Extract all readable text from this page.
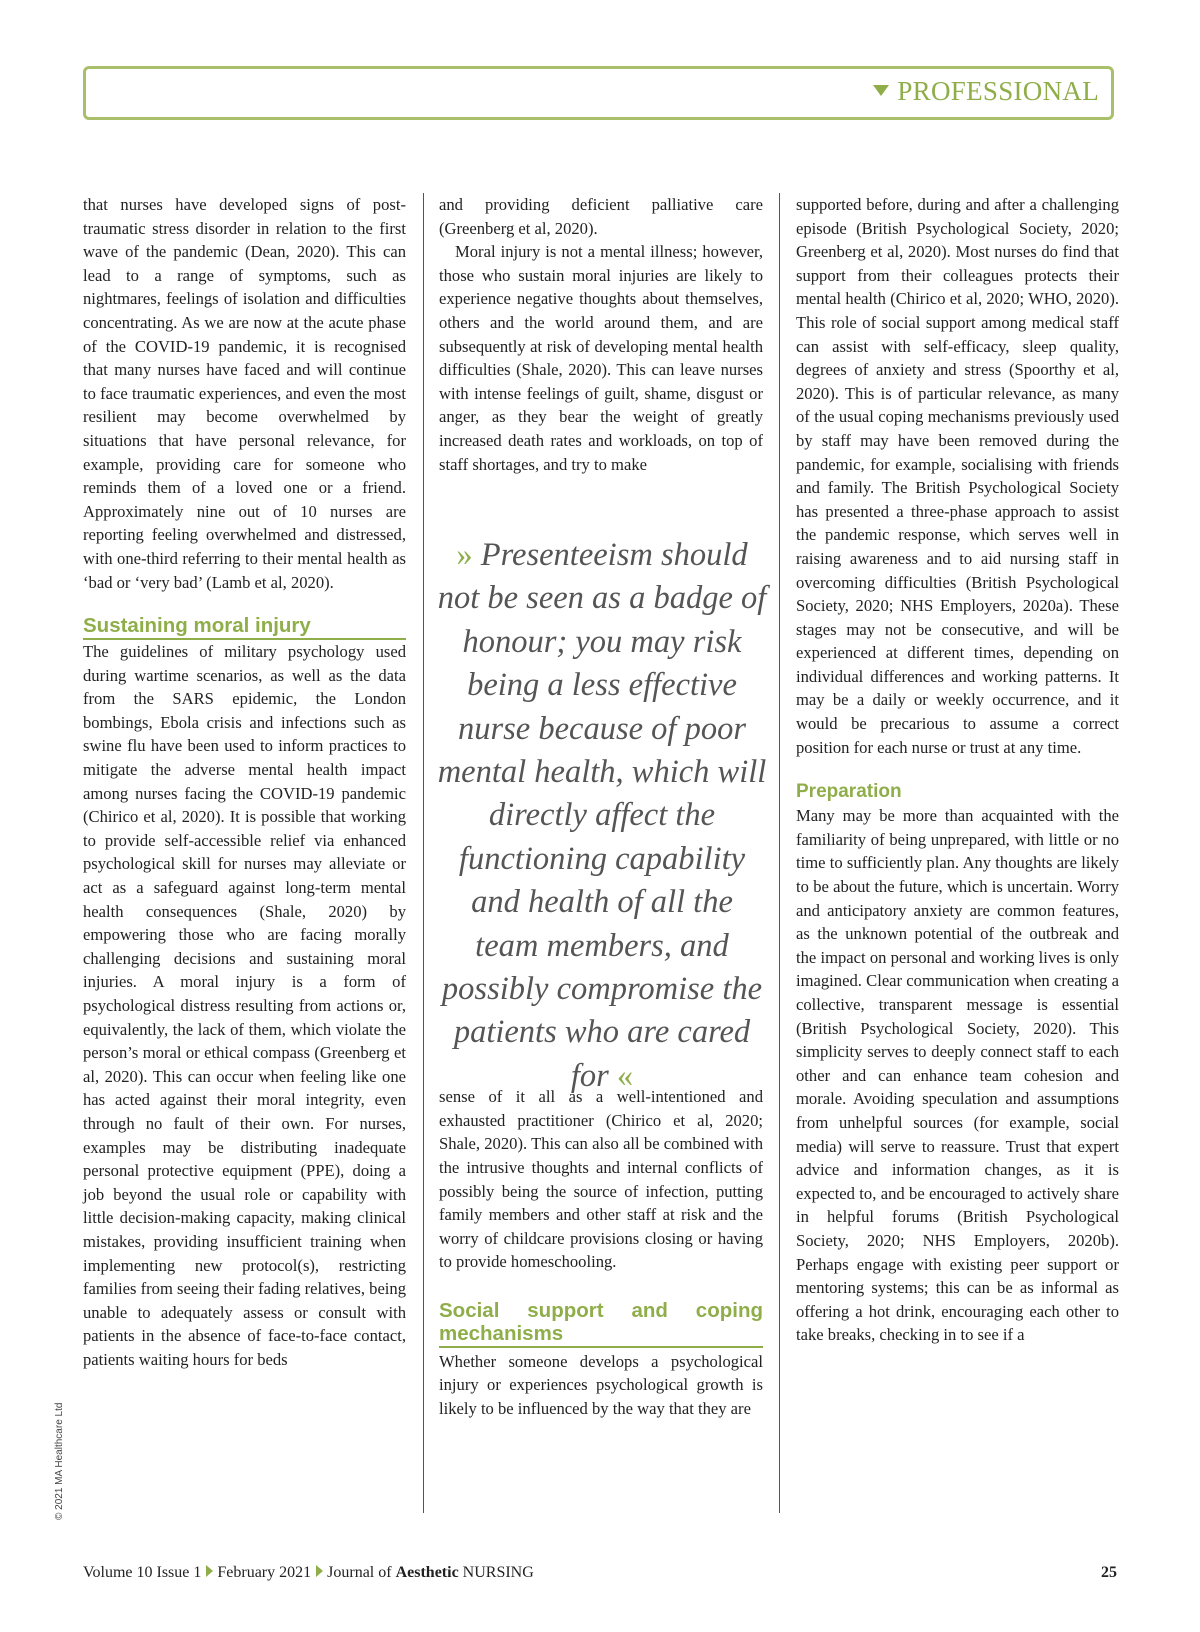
PROFESSIONAL

that nurses have developed signs of post-traumatic stress disorder in relation to the first wave of the pandemic (Dean, 2020). This can lead to a range of symptoms, such as nightmares, feelings of isolation and difficulties concentrating. As we are now at the acute phase of the COVID-19 pandemic, it is recognised that many nurses have faced and will continue to face traumatic experiences, and even the most resilient may become overwhelmed by situations that have personal relevance, for example, providing care for someone who reminds them of a loved one or a friend. Approximately nine out of 10 nurses are reporting feeling overwhelmed and distressed, with one-third referring to their mental health as ‘bad or ‘very bad’ (Lamb et al, 2020).

Sustaining moral injury

The guidelines of military psychology used during wartime scenarios, as well as the data from the SARS epidemic, the London bombings, Ebola crisis and infections such as swine flu have been used to inform practices to mitigate the adverse mental health impact among nurses facing the COVID-19 pandemic (Chirico et al, 2020). It is possible that working to provide self-accessible relief via enhanced psychological skill for nurses may alleviate or act as a safeguard against long-term mental health consequences (Shale, 2020) by empowering those who are facing morally challenging decisions and sustaining moral injuries. A moral injury is a form of psychological distress resulting from actions or, equivalently, the lack of them, which violate the person’s moral or ethical compass (Greenberg et al, 2020). This can occur when feeling like one has acted against their moral integrity, even through no fault of their own. For nurses, examples may be distributing inadequate personal protective equipment (PPE), doing a job beyond the usual role or capability with little decision-making capacity, making clinical mistakes, providing insufficient training when implementing new protocol(s), restricting families from seeing their fading relatives, being unable to adequately assess or consult with patients in the absence of face-to-face contact, patients waiting hours for beds

and providing deficient palliative care (Greenberg et al, 2020).

Moral injury is not a mental illness; however, those who sustain moral injuries are likely to experience negative thoughts about themselves, others and the world around them, and are subsequently at risk of developing mental health difficulties (Shale, 2020). This can leave nurses with intense feelings of guilt, shame, disgust or anger, as they bear the weight of greatly increased death rates and workloads, on top of staff shortages, and try to make

sense of it all as a well-intentioned and exhausted practitioner (Chirico et al, 2020; Shale, 2020). This can also all be combined with the intrusive thoughts and internal conflicts of possibly being the source of infection, putting family members and other staff at risk and the worry of childcare provisions closing or having to provide homeschooling.

Social support and coping mechanisms

Whether someone develops a psychological injury or experiences psychological growth is likely to be influenced by the way that they are

» Presenteeism should not be seen as a badge of honour; you may risk being a less effective nurse because of poor mental health, which will directly affect the functioning capability and health of all the team members, and possibly compromise the patients who are cared for «

supported before, during and after a challenging episode (British Psychological Society, 2020; Greenberg et al, 2020). Most nurses do find that support from their colleagues protects their mental health (Chirico et al, 2020; WHO, 2020). This role of social support among medical staff can assist with self-efficacy, sleep quality, degrees of anxiety and stress (Spoorthy et al, 2020). This is of particular relevance, as many of the usual coping mechanisms previously used by staff may have been removed during the pandemic, for example, socialising with friends and family. The British Psychological Society has presented a three-phase approach to assist the pandemic response, which serves well in raising awareness and to aid nursing staff in overcoming difficulties (British Psychological Society, 2020; NHS Employers, 2020a). These stages may not be consecutive, and will be experienced at different times, depending on individual differences and working patterns. It may be a daily or weekly occurrence, and it would be precarious to assume a correct position for each nurse or trust at any time.

Preparation

Many may be more than acquainted with the familiarity of being unprepared, with little or no time to sufficiently plan. Any thoughts are likely to be about the future, which is uncertain. Worry and anticipatory anxiety are common features, as the unknown potential of the outbreak and the impact on personal and working lives is only imagined. Clear communication when creating a collective, transparent message is essential (British Psychological Society, 2020). This simplicity serves to deeply connect staff to each other and can enhance team cohesion and morale. Avoiding speculation and assumptions from unhelpful sources (for example, social media) will serve to reassure. Trust that expert advice and information changes, as it is expected to, and be encouraged to actively share in helpful forums (British Psychological Society, 2020; NHS Employers, 2020b). Perhaps engage with existing peer support or mentoring systems; this can be as informal as offering a hot drink, encouraging each other to take breaks, checking in to see if a

© 2021 MA Healthcare Ltd
Volume 10 Issue 1 February 2021 Journal of Aesthetic NURSING	25
